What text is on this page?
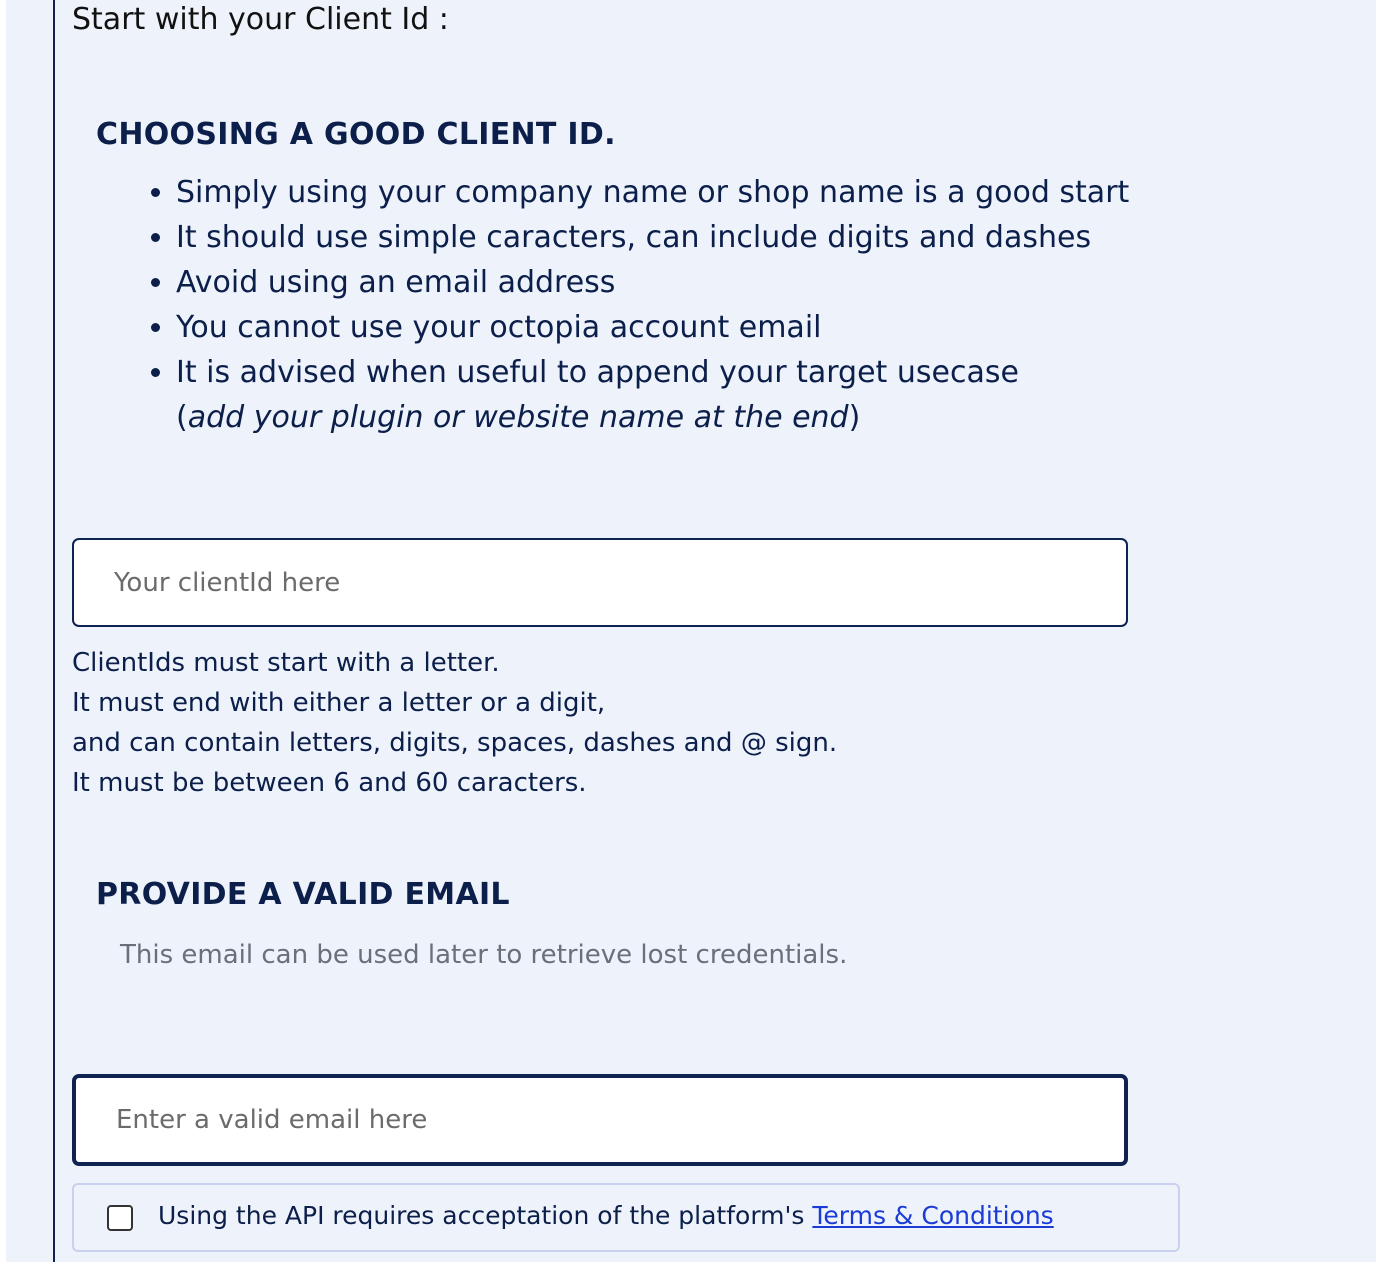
Start with your Client Id :
CHOOSING A GOOD CLIENT ID.
• Simply using your company name or shop name is a good start
• It should use simple caracters, can include digits and dashes
• Avoid using an email address
• You cannot use your octopia account email
• It is advised when useful to append your target usecase
(add your plugin or website name at the end)
Your clientId here
ClientIds must start with a letter.
It must end with either a letter or a digit,
and can contain letters, digits, spaces, dashes and @ sign.
It must be between 6 and 60 caracters.
PROVIDE A VALID EMAIL
This email can be used later to retrieve lost credentials.
Enter a valid email here
Using the API requires acceptation of the platform's Terms & Conditions
